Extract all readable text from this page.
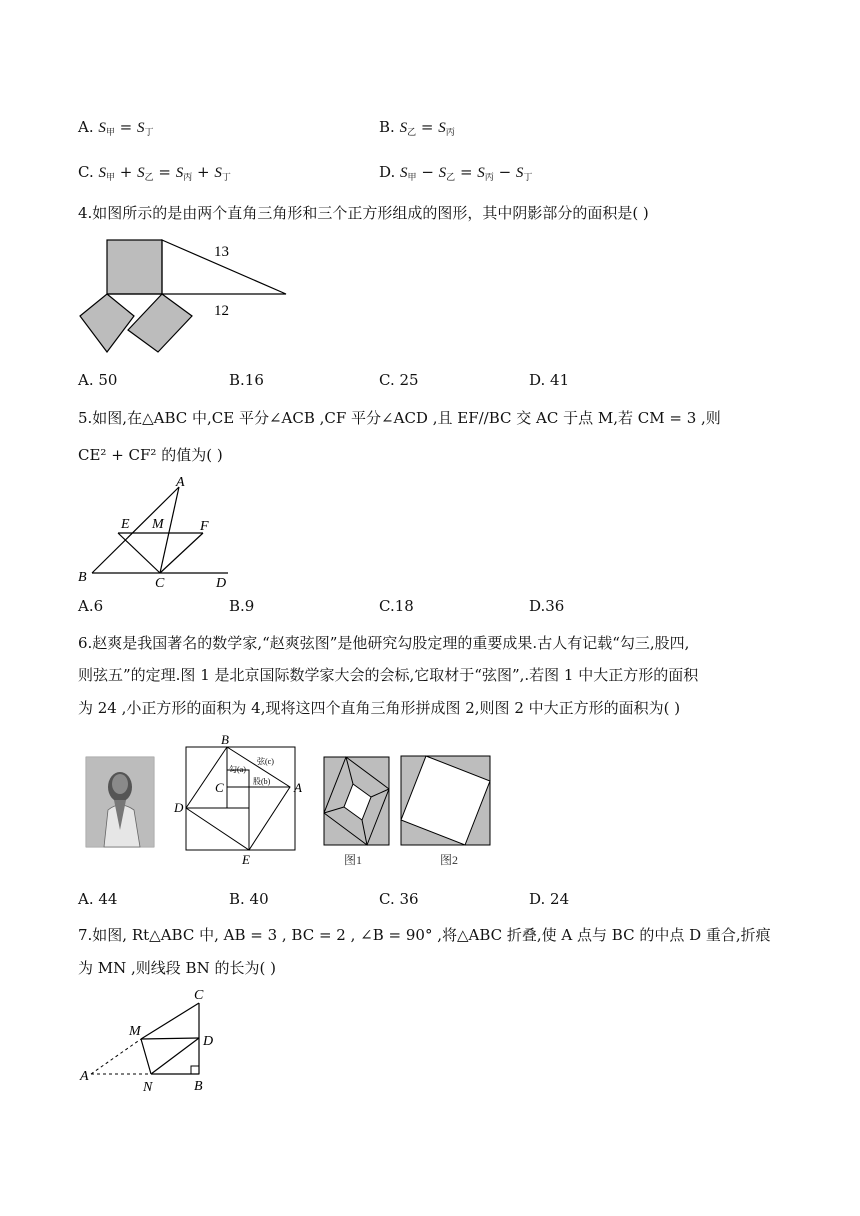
A. $S_甲 = S_丁$	B. $S_乙 = S_丙$
C. $S_甲 + S_乙 = S_丙 + S_丁$	D. $S_甲 - S_乙 = S_丙 - S_丁$
4.如图所示的是由两个直角三角形和三个正方形组成的图形，其中阴影部分的面积是( )
13
12
A. 50	B.16	C. 25	D. 41
5.如图,在△ABC 中,CE 平分∠ACB ,CF 平分∠ACD ,且 EF//BC 交 AC 于点 M,若 CM = 3 ,则
CE² + CF² 的值为( )
A
E M	F
B	C	D
A.6	B.9	C.18	D.36
6.赵爽是我国著名的数学家,“赵爽弦图”是他研究勾股定理的重要成果.古人有记载“勾三,股四,
则弦五”的定理.图 1 是北京国际数学家大会的会标,它取材于“弦图”,.若图 1 中大正方形的面积
为 24 ,小正方形的面积为 4,现将这四个直角三角形拼成图 2,则图 2 中大正方形的面积为( )
B
C
D
A
E
勾(a)
股(b)
弦(c)
图1	图2
A. 44	B. 40	C. 36	D. 24
7.如图, Rt△ABC 中, AB = 3 , BC = 2 , ∠B = 90° ,将△ABC 折叠,使 A 点与 BC 的中点 D 重合,折痕
为 MN ,则线段 BN 的长为( )
C
M
D
A
N	B
